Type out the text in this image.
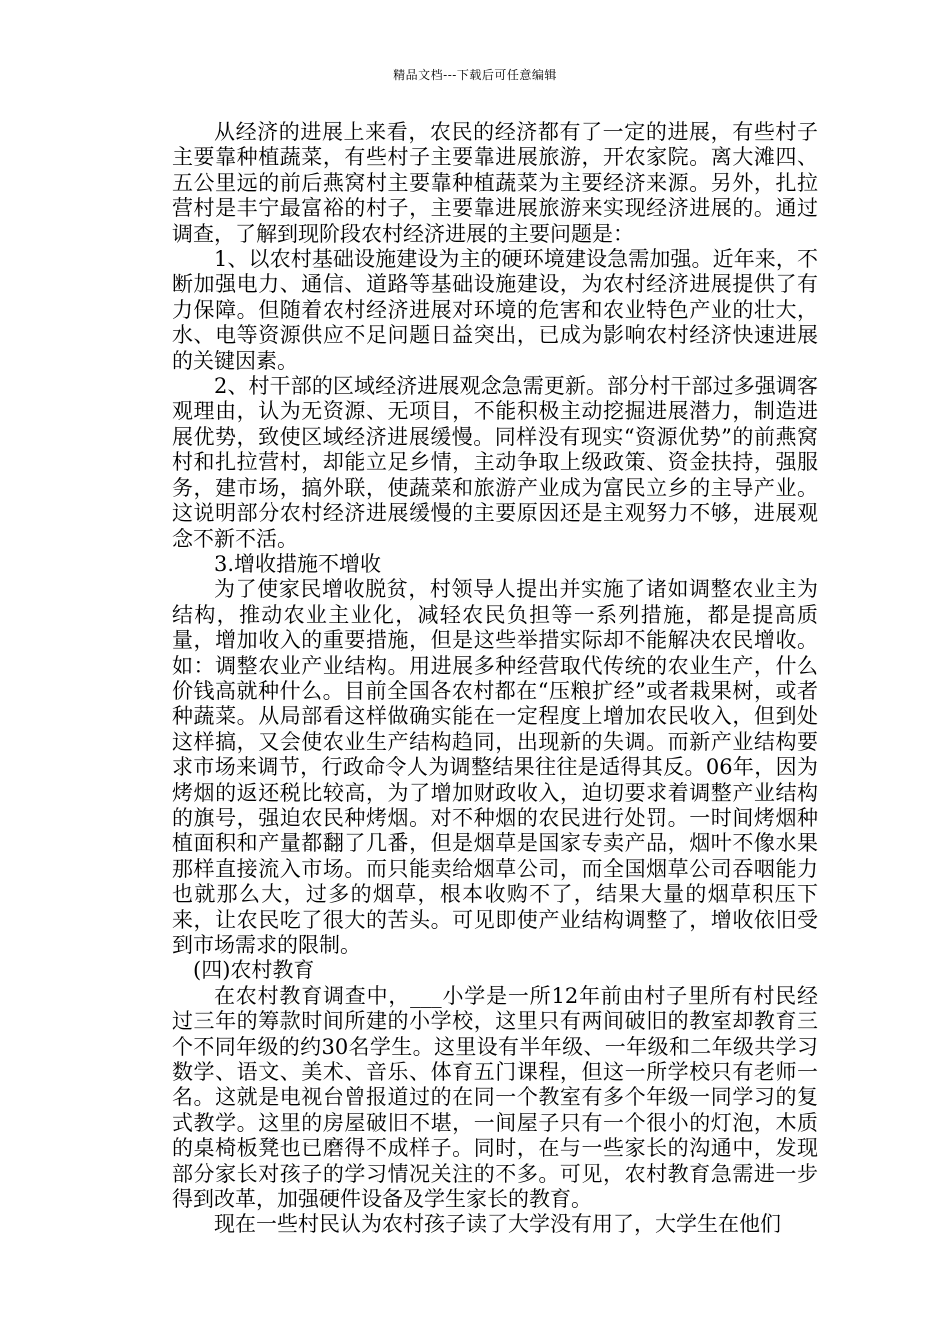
精品文档---下载后可任意编辑

从经济的进展上来看，农民的经济都有了一定的进展，有些村子主要靠种植蔬菜，有些村子主要靠进展旅游，开农家院。离大滩四、五公里远的前后燕窝村主要靠种植蔬菜为主要经济来源。另外，扎拉营村是丰宁最富裕的村子，主要靠进展旅游来实现经济进展的。通过调查，了解到现阶段农村经济进展的主要问题是：

1、以农村基础设施建设为主的硬环境建设急需加强。近年来，不断加强电力、通信、道路等基础设施建设，为农村经济进展提供了有力保障。但随着农村经济进展对环境的危害和农业特色产业的壮大，水、电等资源供应不足问题日益突出，已成为影响农村经济快速进展的关键因素。

2、村干部的区域经济进展观念急需更新。部分村干部过多强调客观理由，认为无资源、无项目，不能积极主动挖掘进展潜力，制造进展优势，致使区域经济进展缓慢。同样没有现实“资源优势”的前燕窝村和扎拉营村，却能立足乡情，主动争取上级政策、资金扶持，强服务，建市场，搞外联，使蔬菜和旅游产业成为富民立乡的主导产业。这说明部分农村经济进展缓慢的主要原因还是主观努力不够，进展观念不新不活。

3.增收措施不增收

为了使家民增收脱贫，村领导人提出并实施了诸如调整农业主为结构，推动农业主业化，减轻农民负担等一系列措施，都是提高质量，增加收入的重要措施，但是这些举措实际却不能解决农民增收。如：调整农业产业结构。用进展多种经营取代传统的农业生产，什么价钱高就种什么。目前全国各农村都在“压粮扩经”或者栽果树，或者种蔬菜。从局部看这样做确实能在一定程度上增加农民收入，但到处这样搞，又会使农业生产结构趋同，出现新的失调。而新产业结构要求市场来调节，行政命令人为调整结果往往是适得其反。06年，因为烤烟的返还税比较高，为了增加财政收入，迫切要求着调整产业结构的旗号，强迫农民种烤烟。对不种烟的农民进行处罚。一时间烤烟种植面积和产量都翻了几番，但是烟草是国家专卖产品，烟叶不像水果那样直接流入市场。而只能卖给烟草公司，而全国烟草公司吞咽能力也就那么大，过多的烟草，根本收购不了，结果大量的烟草积压下来，让农民吃了很大的苦头。可见即使产业结构调整了，增收依旧受到市场需求的限制。

(四)农村教育

在农村教育调查中，___小学是一所12年前由村子里所有村民经过三年的筹款时间所建的小学校，这里只有两间破旧的教室却教育三个不同年级的约30名学生。这里设有半年级、一年级和二年级共学习数学、语文、美术、音乐、体育五门课程，但这一所学校只有老师一名。这就是电视台曾报道过的在同一个教室有多个年级一同学习的复式教学。这里的房屋破旧不堪，一间屋子只有一个很小的灯泡，木质的桌椅板凳也已磨得不成样子。同时，在与一些家长的沟通中，发现部分家长对孩子的学习情况关注的不多。可见，农村教育急需进一步得到改革，加强硬件设备及学生家长的教育。

现在一些村民认为农村孩子读了大学没有用了，大学生在他们
